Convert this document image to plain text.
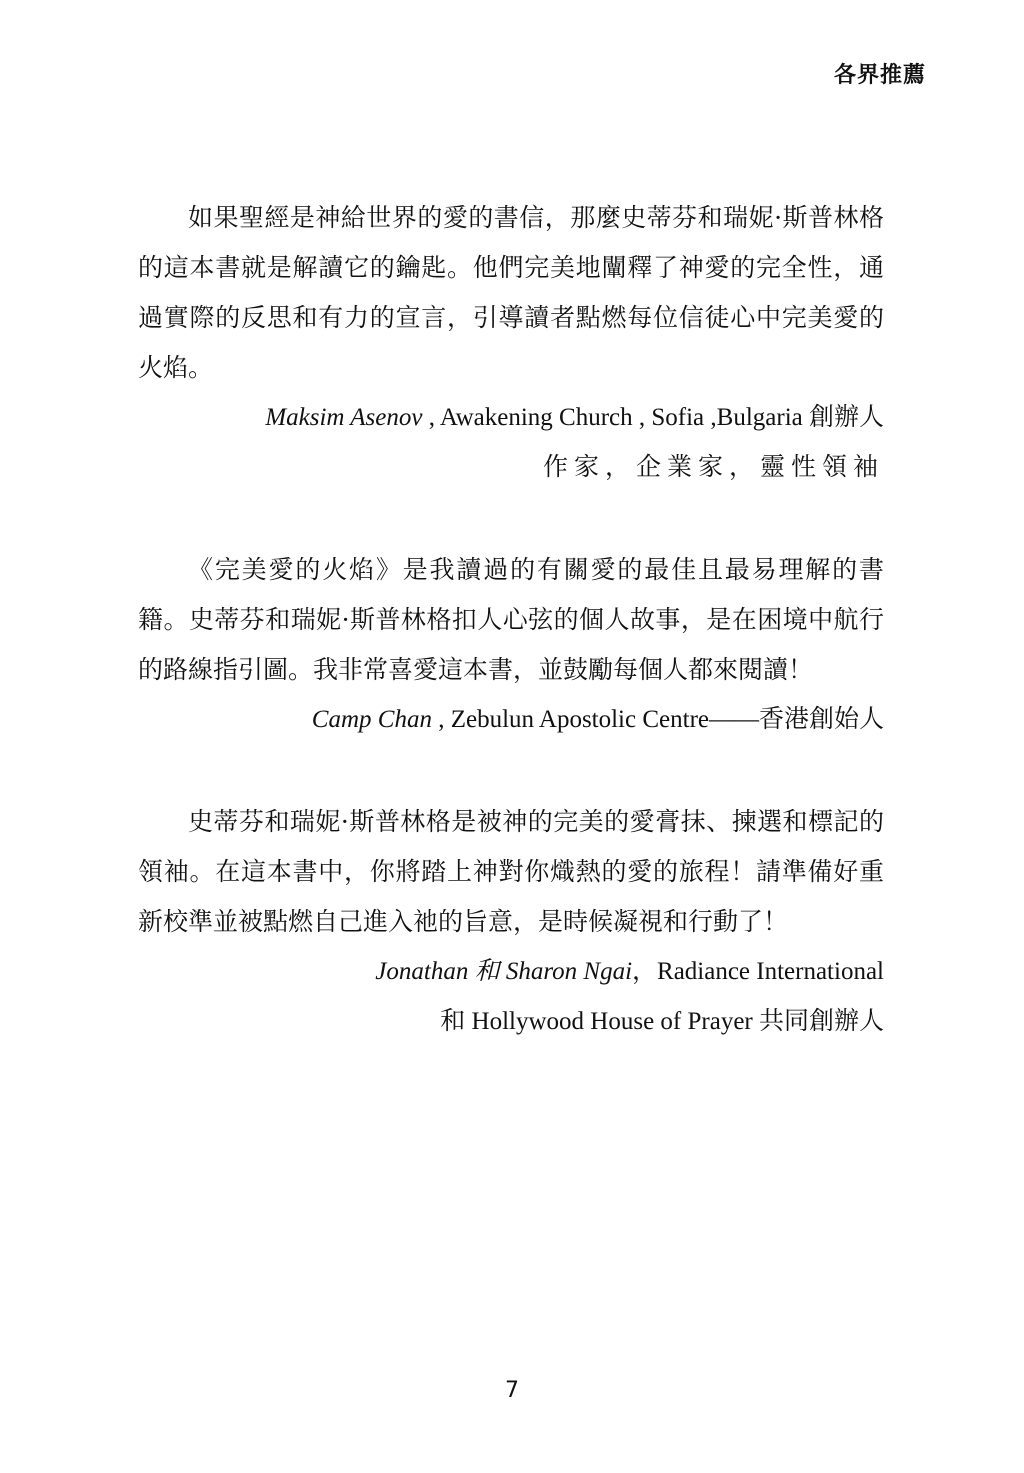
各界推薦

如果聖經是神給世界的愛的書信，那麼史蒂芬和瑞妮·斯普林格的這本書就是解讀它的鑰匙。他們完美地闡釋了神愛的完全性，通過實際的反思和有力的宣言，引導讀者點燃每位信徒心中完美愛的火焰。

Maksim Asenov , Awakening Church , Sofia ,Bulgaria 創辦人

作家，企業家，靈性領袖

《完美愛的火焰》是我讀過的有關愛的最佳且最易理解的書籍。史蒂芬和瑞妮·斯普林格扣人心弦的個人故事，是在困境中航行的路線指引圖。我非常喜愛這本書，並鼓勵每個人都來閱讀！

Camp Chan , Zebulun Apostolic Centre——香港創始人

史蒂芬和瑞妮·斯普林格是被神的完美的愛膏抹、揀選和標記的領袖。在這本書中，你將踏上神對你熾熱的愛的旅程！請準備好重新校準並被點燃自己進入祂的旨意，是時候凝視和行動了！

Jonathan 和 Sharon Ngai，Radiance International

和 Hollywood House of Prayer 共同創辦人

7
